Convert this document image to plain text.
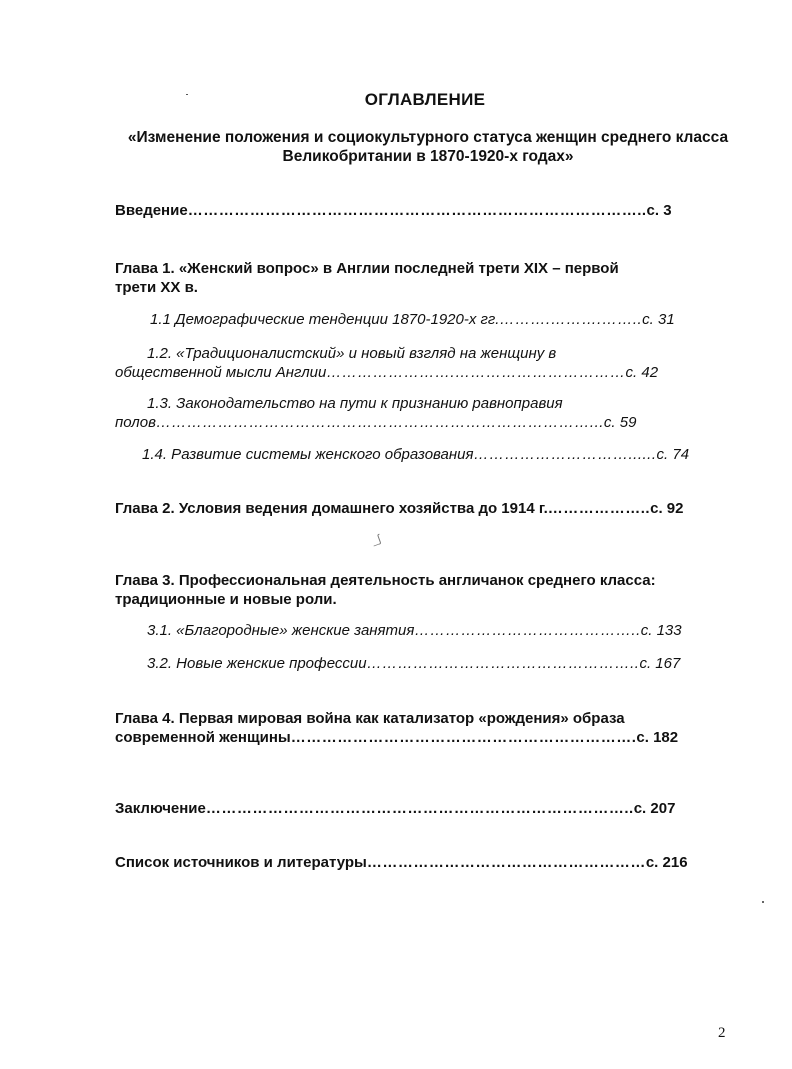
ОГЛАВЛЕНИЕ
«Изменение положения и социокультурного статуса женщин среднего класса
Великобритании в 1870-1920-х годах»
Введение……………………………………………………………………………..с. 3
Глава 1. «Женский вопрос» в Англии последней трети XIX – первой
трети XX в.
1.1 Демографические тенденции 1870-1920-х гг.……….……….……..с. 31
1.2. «Традиционалистский» и новый взгляд на женщину в
общественной мысли Англии…………………….……………………………с. 42
1.3. Законодательство на пути к признанию равноправия
полов…………………………………………………………………………...с. 59
1.4. Развитие системы женского образования…………………………......с. 74
Глава 2. Условия ведения домашнего хозяйства до 1914 г.………………..с. 92
_ʃ
Глава 3. Профессиональная деятельность англичанок среднего класса:
традиционные и новые роли.
3.1. «Благородные» женские занятия……………………………………..с. 133
3.2. Новые женские профессии……………………………………………..с. 167
Глава 4. Первая мировая война как катализатор «рождения» образа
современной женщины………………………………………………………….с. 182
Заключение………………………………………………………………………..с. 207
Список источников и литературы………………………………………………с. 216
2
